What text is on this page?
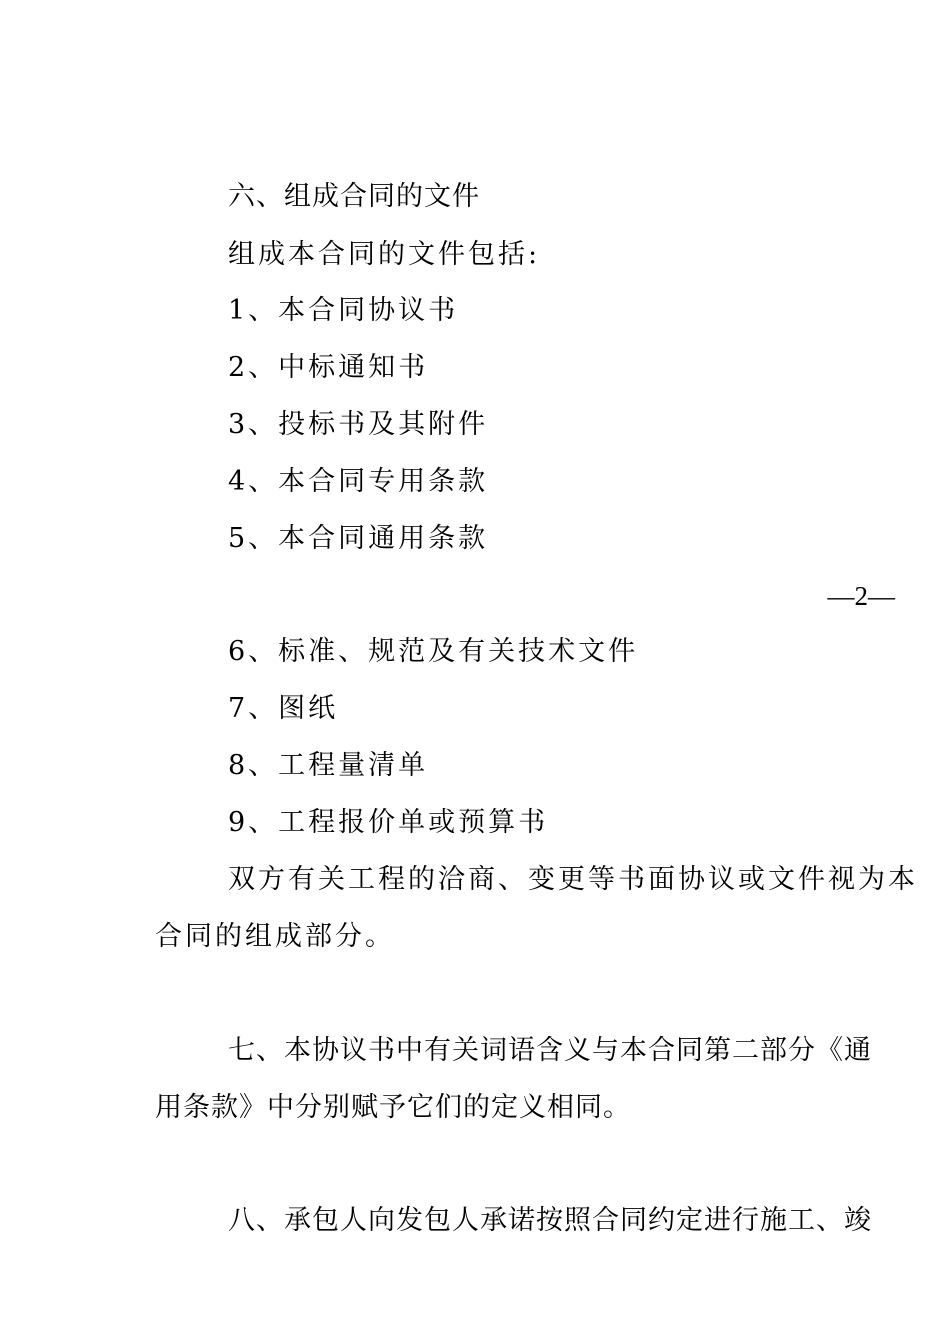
六、组成合同的文件
组成本合同的文件包括:
1、本合同协议书
2、中标通知书
3、投标书及其附件
4、本合同专用条款
5、本合同通用条款
—2—
6、标准、规范及有关技术文件
7、图纸
8、工程量清单
9、工程报价单或预算书
双方有关工程的洽商、变更等书面协议或文件视为本
合同的组成部分。
七、本协议书中有关词语含义与本合同第二部分《通
用条款》中分别赋予它们的定义相同。
八、承包人向发包人承诺按照合同约定进行施工、竣
